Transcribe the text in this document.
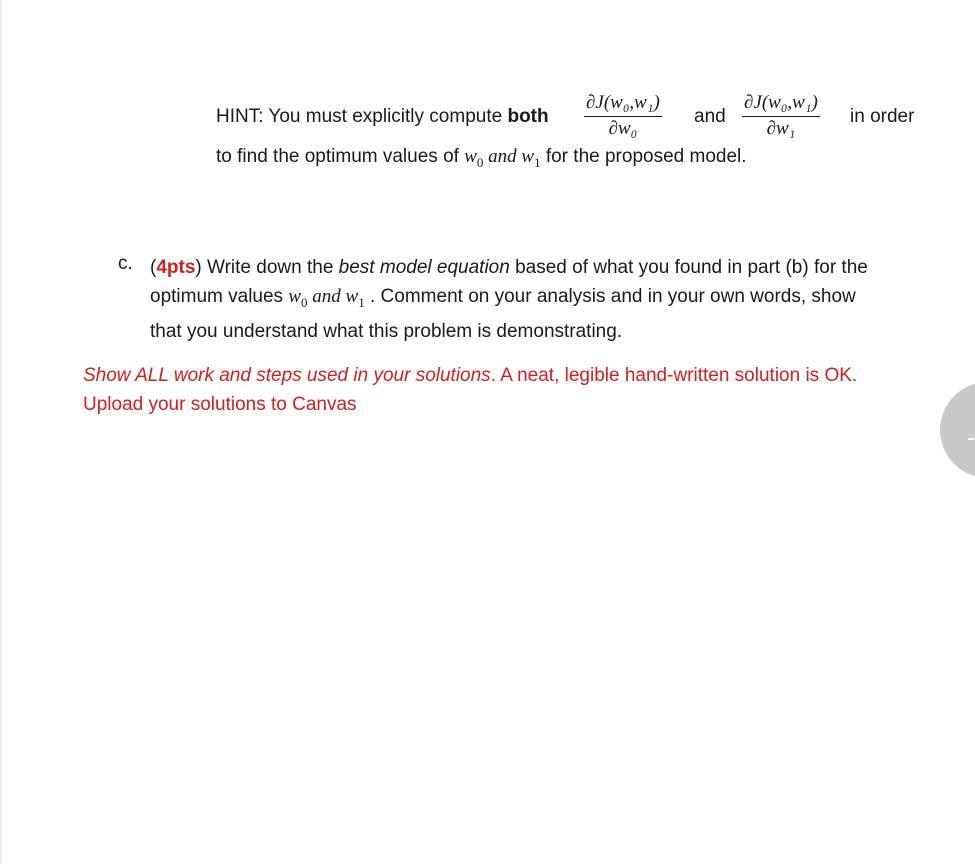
HINT: You must explicitly compute both
∂J(w₀,w₁)
∂w₀
and
∂J(w₀,w₁)
∂w₁
in order
to find the optimum values of $w_0$ and $w_1$ for the proposed model.
c. (4pts) Write down the best model equation based of what you found in part (b) for the
optimum values $w_0$ and $w_1$ . Comment on your analysis and in your own words, show
that you understand what this problem is demonstrating.
Show ALL work and steps used in your solutions. A neat, legible hand-written solution is OK.
Upload your solutions to Canvas
